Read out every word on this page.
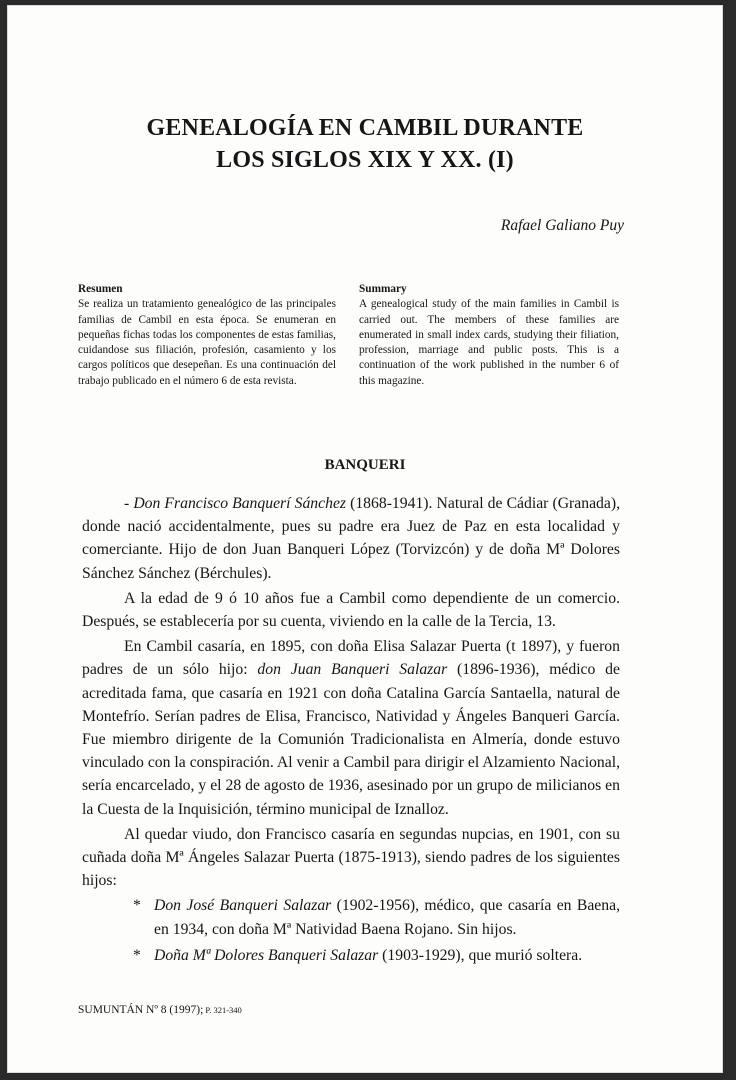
GENEALOGÍA EN CAMBIL DURANTE
LOS SIGLOS XIX Y XX. (I)
Rafael Galiano Puy
Resumen

Se realiza un tratamiento genealógico de las principales familias de Cambil en esta época. Se enumeran en pequeñas fichas todas los componentes de estas familias, cuidandose sus filiación, profesión, casamiento y los cargos políticos que desepeñan. Es una continuación del trabajo publicado en el número 6 de esta revista.

Summary

A genealogical study of the main families in Cambil is carried out. The members of these families are enumerated in small index cards, studying their filiation, profession, marriage and public posts. This is a continuation of the work published in the number 6 of this magazine.

BANQUERI

- Don Francisco Banquerí Sánchez (1868-1941). Natural de Cádiar (Granada), donde nació accidentalmente, pues su padre era Juez de Paz en esta localidad y comerciante. Hijo de don Juan Banqueri López (Torvizcón) y de doña Mª Dolores Sánchez Sánchez (Bérchules).

A la edad de 9 ó 10 años fue a Cambil como dependiente de un comercio. Después, se establecería por su cuenta, viviendo en la calle de la Tercia, 13.

En Cambil casaría, en 1895, con doña Elisa Salazar Puerta (t 1897), y fueron padres de un sólo hijo: don Juan Banqueri Salazar (1896-1936), médico de acreditada fama, que casaría en 1921 con doña Catalina García Santaella, natural de Montefrío. Serían padres de Elisa, Francisco, Natividad y Ángeles Banqueri García. Fue miembro dirigente de la Comunión Tradicionalista en Almería, donde estuvo vinculado con la conspiración. Al venir a Cambil para dirigir el Alzamiento Nacional, sería encarcelado, y el 28 de agosto de 1936, asesinado por un grupo de milicianos en la Cuesta de la Inquisición, término municipal de Iznalloz.

Al quedar viudo, don Francisco casaría en segundas nupcias, en 1901, con su cuñada doña Mª Ángeles Salazar Puerta (1875-1913), siendo padres de los siguientes hijos:

* Don José Banqueri Salazar (1902-1956), médico, que casaría en Baena, en 1934, con doña Mª Natividad Baena Rojano. Sin hijos.
* Doña Mª Dolores Banqueri Salazar (1903-1929), que murió soltera.
SUMUNTÁN Nº 8 (1997); P. 321-340
